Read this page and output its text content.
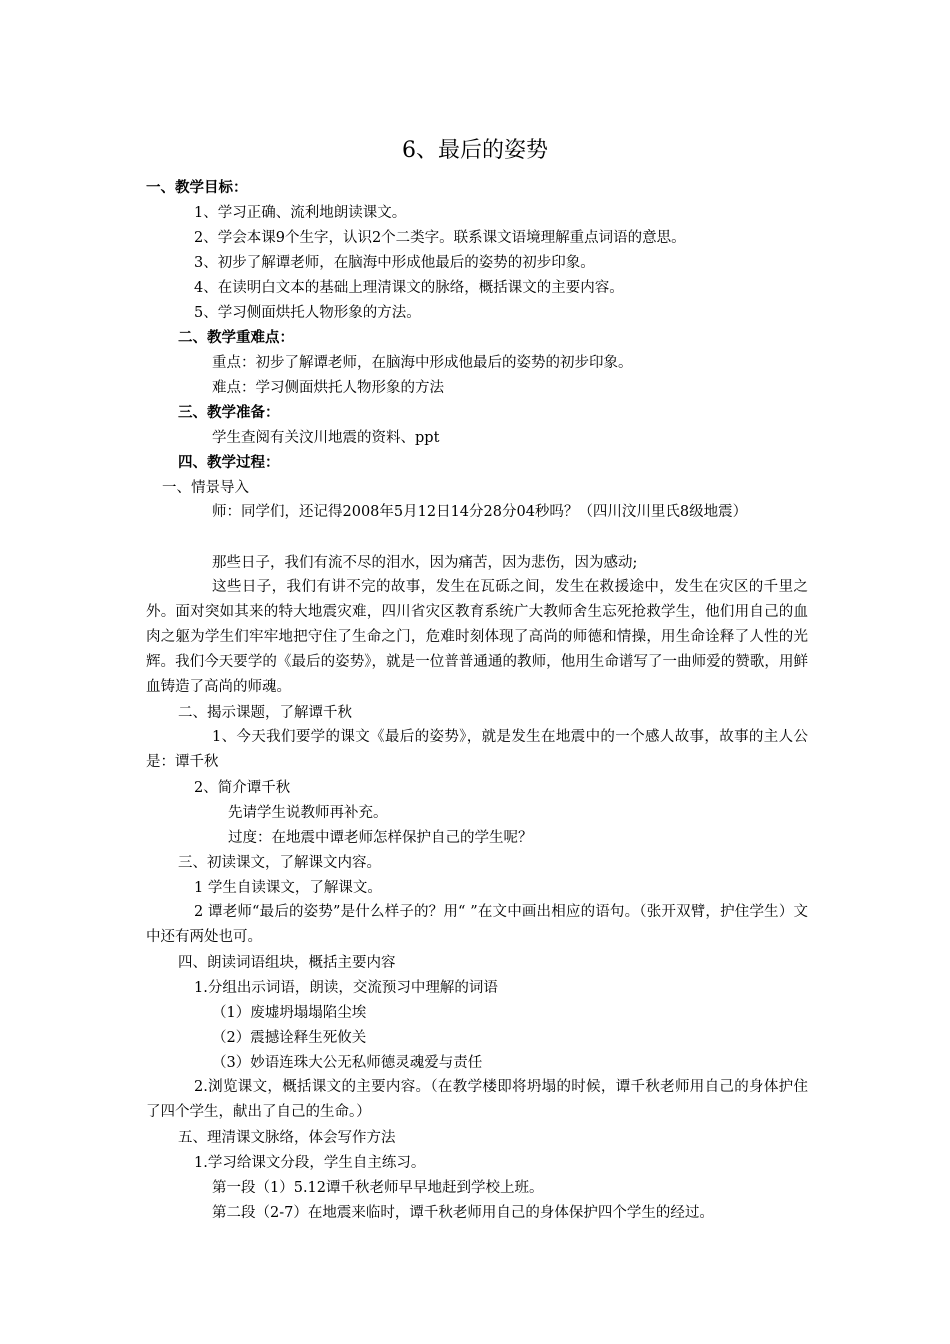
6、最后的姿势
一、教学目标：
1、学习正确、流利地朗读课文。
2、学会本课9个生字，认识2个二类字。联系课文语境理解重点词语的意思。
3、初步了解谭老师，在脑海中形成他最后的姿势的初步印象。
4、在读明白文本的基础上理清课文的脉络，概括课文的主要内容。
5、学习侧面烘托人物形象的方法。
二、教学重难点：
重点：初步了解谭老师，在脑海中形成他最后的姿势的初步印象。
难点：学习侧面烘托人物形象的方法
三、教学准备：
学生查阅有关汶川地震的资料、ppt
四、教学过程：
一、情景导入
师：同学们，还记得2008年5月12日14分28分04秒吗？（四川汶川里氏8级地震）
那些日子，我们有流不尽的泪水，因为痛苦，因为悲伤，因为感动;
这些日子，我们有讲不完的故事，发生在瓦砾之间，发生在救援途中，发生在灾区的千里之外。面对突如其来的特大地震灾难，四川省灾区教育系统广大教师舍生忘死抢救学生，他们用自己的血肉之躯为学生们牢牢地把守住了生命之门，危难时刻体现了高尚的师德和情操，用生命诠释了人性的光辉。我们今天要学的《最后的姿势》，就是一位普普通通的教师，他用生命谱写了一曲师爱的赞歌，用鲜血铸造了高尚的师魂。
二、揭示课题，了解谭千秋
1、今天我们要学的课文《最后的姿势》，就是发生在地震中的一个感人故事，故事的主人公是：谭千秋
2、简介谭千秋
先请学生说教师再补充。
过度：在地震中谭老师怎样保护自己的学生呢？
三、初读课文，了解课文内容。
1 学生自读课文，了解课文。
2 谭老师“最后的姿势”是什么样子的？用“ ”在文中画出相应的语句。（张开双臂，护住学生）文中还有两处也可。
四、朗读词语组块，概括主要内容
1.分组出示词语，朗读，交流预习中理解的词语
（1）废墟坍塌塌陷尘埃
（2）震撼诠释生死攸关
（3）妙语连珠大公无私师德灵魂爱与责任
2.浏览课文，概括课文的主要内容。（在教学楼即将坍塌的时候，谭千秋老师用自己的身体护住了四个学生，献出了自己的生命。）
五、理清课文脉络，体会写作方法
1.学习给课文分段，学生自主练习。
第一段（1）5.12谭千秋老师早早地赶到学校上班。
第二段（2-7）在地震来临时，谭千秋老师用自己的身体保护四个学生的经过。
